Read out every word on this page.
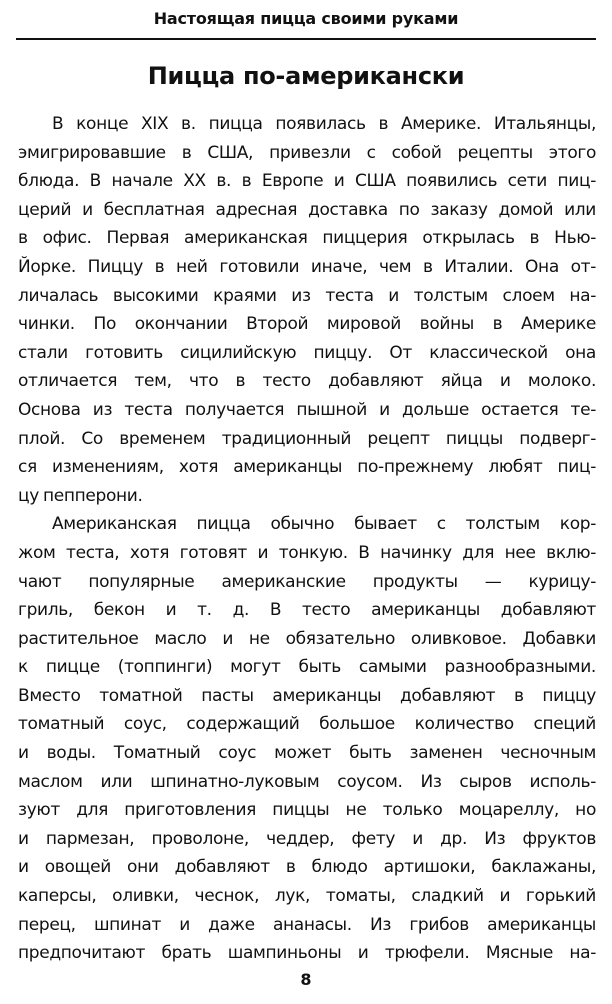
Настоящая пицца своими руками
Пицца по-американски

В конце XIX в. пицца появилась в Америке. Итальянцы,
эмигрировавшие в США, привезли с собой рецепты этого
блюда. В начале XX в. в Европе и США появились сети пиц-
церий и бесплатная адресная доставка по заказу домой или
в офис. Первая американская пиццерия открылась в Нью-
Йорке. Пиццу в ней готовили иначе, чем в Италии. Она от-
личалась высокими краями из теста и толстым слоем на-
чинки. По окончании Второй мировой войны в Америке
стали готовить сицилийскую пиццу. От классической она
отличается тем, что в тесто добавляют яйца и молоко.
Основа из теста получается пышной и дольше остается те-
плой. Со временем традиционный рецепт пиццы подверг-
ся изменениям, хотя американцы по-прежнему любят пиц-
цу пепперони.

Американская пицца обычно бывает с толстым кор-
жом теста, хотя готовят и тонкую. В начинку для нее вклю-
чают популярные американские продукты — курицу-
гриль, бекон и т. д. В тесто американцы добавляют
растительное масло и не обязательно оливковое. Добавки
к пицце (топпинги) могут быть самыми разнообразными.
Вместо томатной пасты американцы добавляют в пиццу
томатный соус, содержащий большое количество специй
и воды. Томатный соус может быть заменен чесночным
маслом или шпинатно-луковым соусом. Из сыров исполь-
зуют для приготовления пиццы не только моцареллу, но
и пармезан, проволоне, чеддер, фету и др. Из фруктов
и овощей они добавляют в блюдо артишоки, баклажаны,
каперсы, оливки, чеснок, лук, томаты, сладкий и горький
перец, шпинат и даже ананасы. Из грибов американцы
предпочитают брать шампиньоны и трюфели. Мясные на-

8
